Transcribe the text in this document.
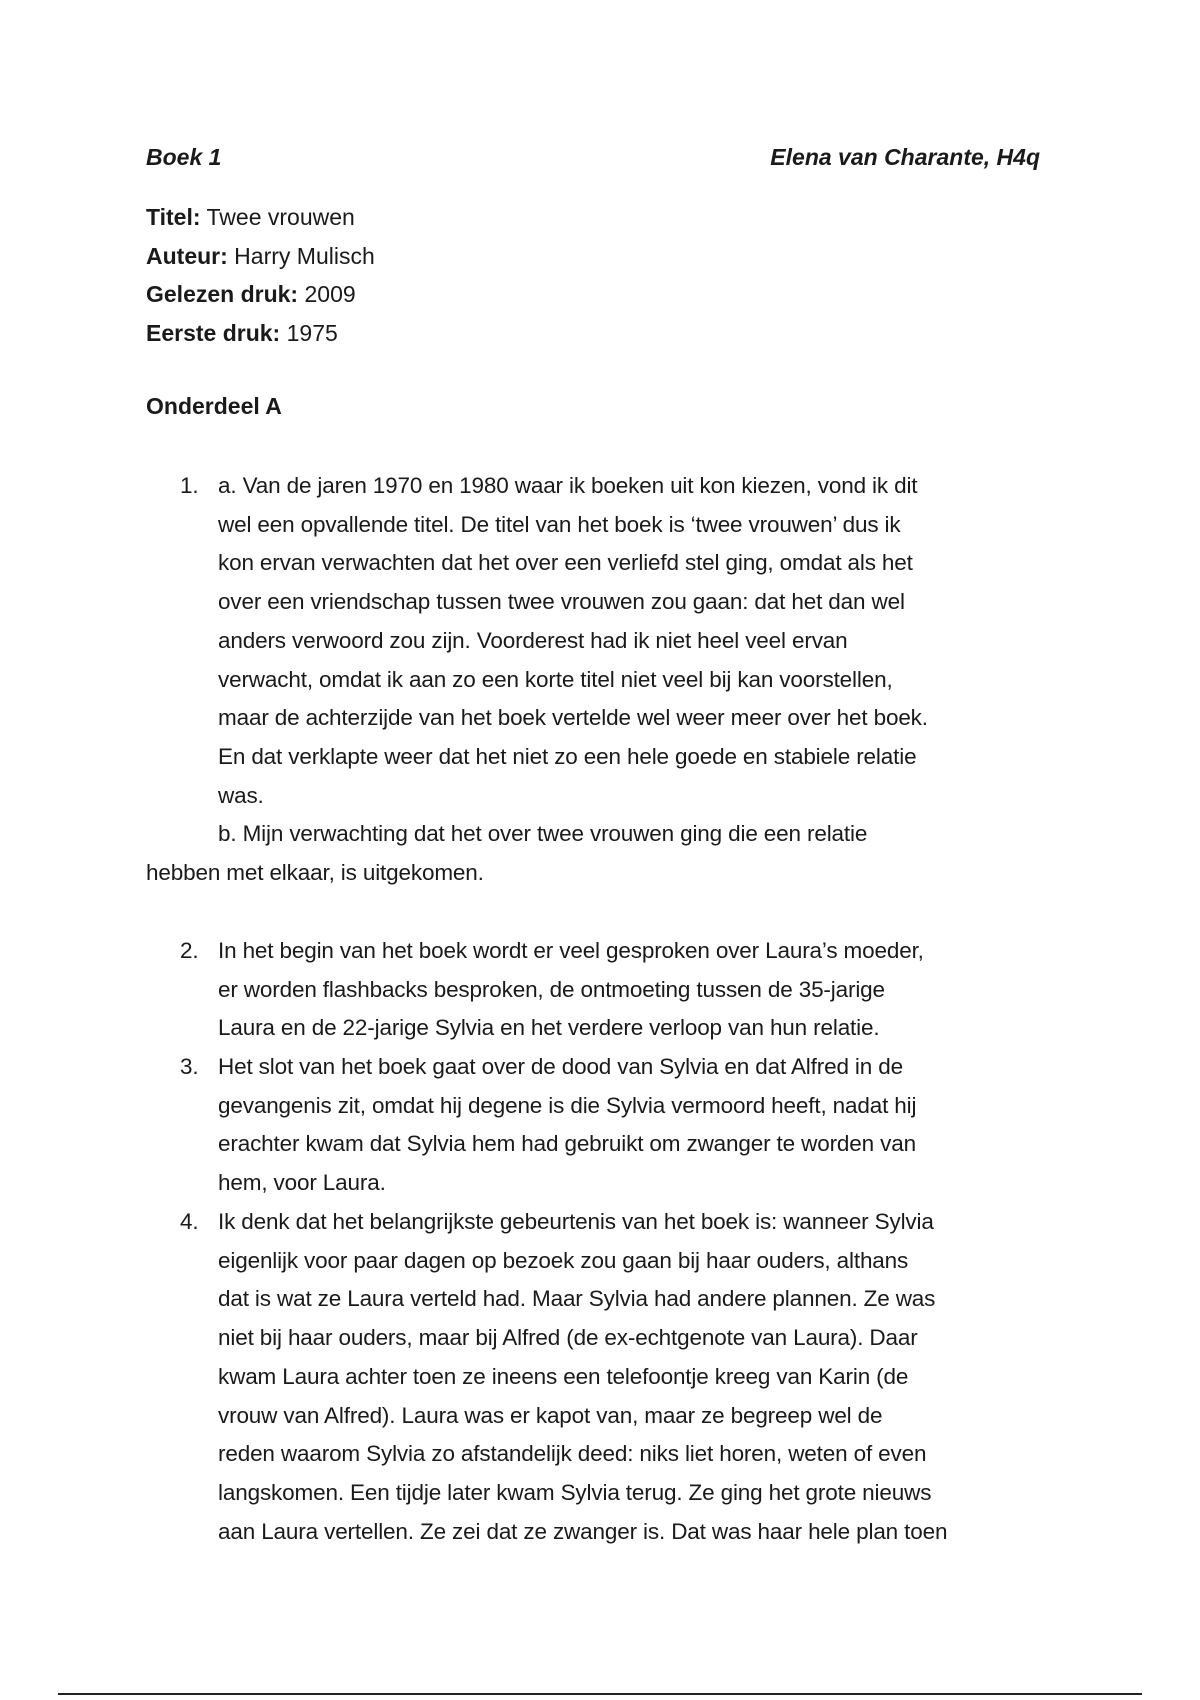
Boek 1	Elena van Charante, H4q
Titel: Twee vrouwen
Auteur: Harry Mulisch
Gelezen druk: 2009
Eerste druk: 1975
Onderdeel A
1. a. Van de jaren 1970 en 1980 waar ik boeken uit kon kiezen, vond ik dit
wel een opvallende titel. De titel van het boek is ‘twee vrouwen’ dus ik
kon ervan verwachten dat het over een verliefd stel ging, omdat als het
over een vriendschap tussen twee vrouwen zou gaan: dat het dan wel
anders verwoord zou zijn. Voorderest had ik niet heel veel ervan
verwacht, omdat ik aan zo een korte titel niet veel bij kan voorstellen,
maar de achterzijde van het boek vertelde wel weer meer over het boek.
En dat verklapte weer dat het niet zo een hele goede en stabiele relatie
was.
b. Mijn verwachting dat het over twee vrouwen ging die een relatie
hebben met elkaar, is uitgekomen.
2. In het begin van het boek wordt er veel gesproken over Laura’s moeder,
er worden flashbacks besproken, de ontmoeting tussen de 35-jarige
Laura en de 22-jarige Sylvia en het verdere verloop van hun relatie.
3. Het slot van het boek gaat over de dood van Sylvia en dat Alfred in de
gevangenis zit, omdat hij degene is die Sylvia vermoord heeft, nadat hij
erachter kwam dat Sylvia hem had gebruikt om zwanger te worden van
hem, voor Laura.
4. Ik denk dat het belangrijkste gebeurtenis van het boek is: wanneer Sylvia
eigenlijk voor paar dagen op bezoek zou gaan bij haar ouders, althans
dat is wat ze Laura verteld had. Maar Sylvia had andere plannen. Ze was
niet bij haar ouders, maar bij Alfred (de ex-echtgenote van Laura). Daar
kwam Laura achter toen ze ineens een telefoontje kreeg van Karin (de
vrouw van Alfred). Laura was er kapot van, maar ze begreep wel de
reden waarom Sylvia zo afstandelijk deed: niks liet horen, weten of even
langskomen. Een tijdje later kwam Sylvia terug. Ze ging het grote nieuws
aan Laura vertellen. Ze zei dat ze zwanger is. Dat was haar hele plan toen
